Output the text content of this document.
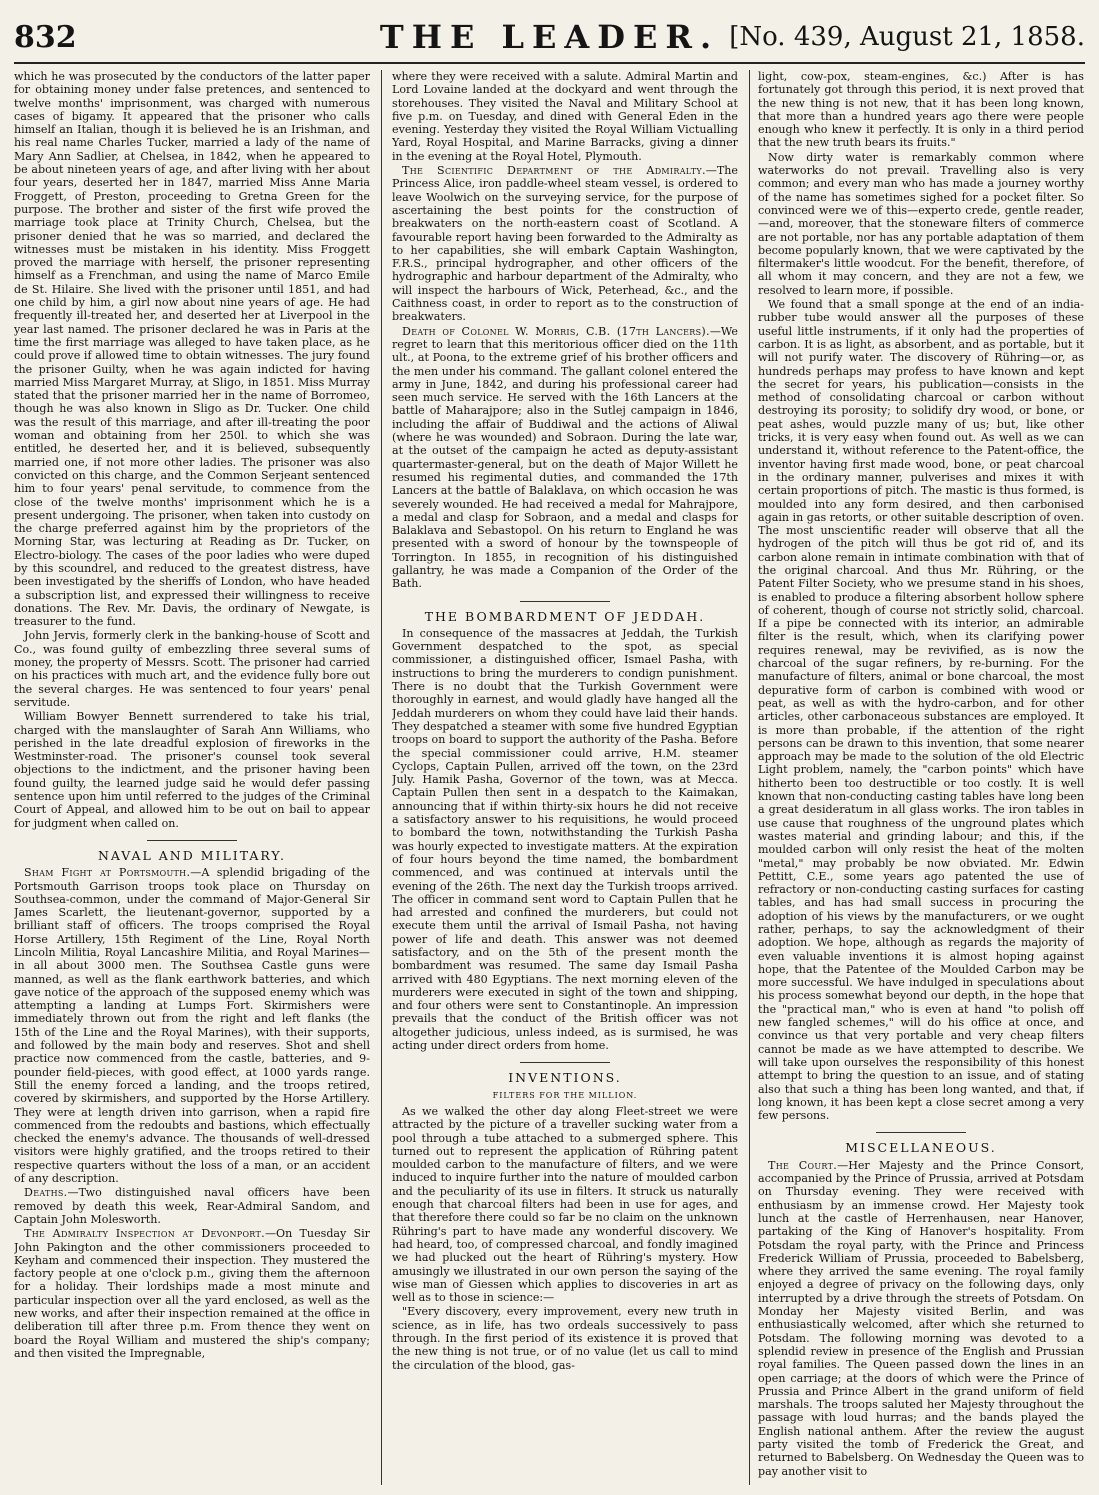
832	THE LEADER. [No. 439, August 21, 1858.

which he was prosecuted by the conductors of the latter paper for obtaining money under false pretences, and sentenced to twelve months' imprisonment, was charged with numerous cases of bigamy. It appeared that the prisoner who calls himself an Italian, though it is believed he is an Irishman, and his real name Charles Tucker, married a lady of the name of Mary Ann Sadlier, at Chelsea, in 1842, when he appeared to be about nineteen years of age, and after living with her about four years, deserted her in 1847, married Miss Anne Maria Froggett, of Preston, proceeding to Gretna Green for the purpose. The brother and sister of the first wife proved the marriage took place at Trinity Church, Chelsea, but the prisoner denied that he was so married, and declared the witnesses must be mistaken in his identity. Miss Froggett proved the marriage with herself, the prisoner representing himself as a Frenchman, and using the name of Marco Emile de St. Hilaire. She lived with the prisoner until 1851, and had one child by him, a girl now about nine years of age. He had frequently ill-treated her, and deserted her at Liverpool in the year last named. The prisoner declared he was in Paris at the time the first marriage was alleged to have taken place, as he could prove if allowed time to obtain witnesses. The jury found the prisoner Guilty, when he was again indicted for having married Miss Margaret Murray, at Sligo, in 1851. Miss Murray stated that the prisoner married her in the name of Borromeo, though he was also known in Sligo as Dr. Tucker. One child was the result of this marriage, and after ill-treating the poor woman and obtaining from her 250l. to which she was entitled, he deserted her, and it is believed, subsequently married one, if not more other ladies. The prisoner was also convicted on this charge, and the Common Serjeant sentenced him to four years' penal servitude, to commence from the close of the twelve months' imprisonment which he is a present undergoing. The prisoner, when taken into custody on the charge preferred against him by the proprietors of the Morning Star, was lecturing at Reading as Dr. Tucker, on Electro-biology. The cases of the poor ladies who were duped by this scoundrel, and reduced to the greatest distress, have been investigated by the sheriffs of London, who have headed a subscription list, and expressed their willingness to receive donations. The Rev. Mr. Davis, the ordinary of Newgate, is treasurer to the fund.

John Jervis, formerly clerk in the banking-house of Scott and Co., was found guilty of embezzling three several sums of money, the property of Messrs. Scott. The prisoner had carried on his practices with much art, and the evidence fully bore out the several charges. He was sentenced to four years' penal servitude.

William Bowyer Bennett surrendered to take his trial, charged with the manslaughter of Sarah Ann Williams, who perished in the late dreadful explosion of fireworks in the Westminster-road. The prisoner's counsel took several objections to the indictment, and the prisoner having been found guilty, the learned judge said he would defer passing sentence upon him until referred to the judges of the Criminal Court of Appeal, and allowed him to be out on bail to appear for judgment when called on.

NAVAL AND MILITARY.

Sham Fight at Portsmouth.—A splendid brigading of the Portsmouth Garrison troops took place on Thursday on Southsea-common, under the command of Major-General Sir James Scarlett, the lieutenant-governor, supported by a brilliant staff of officers. The troops comprised the Royal Horse Artillery, 15th Regiment of the Line, Royal North Lincoln Militia, Royal Lancashire Militia, and Royal Marines—in all about 3000 men. The Southsea Castle guns were manned, as well as the flank earthwork batteries, and which gave notice of the approach of the supposed enemy which was attempting a landing at Lumps Fort. Skirmishers were immediately thrown out from the right and left flanks (the 15th of the Line and the Royal Marines), with their supports, and followed by the main body and reserves. Shot and shell practice now commenced from the castle, batteries, and 9-pounder field-pieces, with good effect, at 1000 yards range. Still the enemy forced a landing, and the troops retired, covered by skirmishers, and supported by the Horse Artillery. They were at length driven into garrison, when a rapid fire commenced from the redoubts and bastions, which effectually checked the enemy's advance. The thousands of well-dressed visitors were highly gratified, and the troops retired to their respective quarters without the loss of a man, or an accident of any description.

Deaths.—Two distinguished naval officers have been removed by death this week, Rear-Admiral Sandom, and Captain John Molesworth.

The Admiralty Inspection at Devonport.—On Tuesday Sir John Pakington and the other commissioners proceeded to Keyham and commenced their inspection. They mustered the factory people at one o'clock p.m., giving them the afternoon for a holiday. Their lordships made a most minute and particular inspection over all the yard enclosed, as well as the new works, and after their inspection remained at the office in deliberation till after three p.m. From thence they went on board the Royal William and mustered the ship's company; and then visited the Impregnable,

where they were received with a salute. Admiral Martin and Lord Lovaine landed at the dockyard and went through the storehouses. They visited the Naval and Military School at five p.m. on Tuesday, and dined with General Eden in the evening. Yesterday they visited the Royal William Victualling Yard, Royal Hospital, and Marine Barracks, giving a dinner in the evening at the Royal Hotel, Plymouth.

The Scientific Department of the Admiralty.—The Princess Alice, iron paddle-wheel steam vessel, is ordered to leave Woolwich on the surveying service, for the purpose of ascertaining the best points for the construction of breakwaters on the north-eastern coast of Scotland. A favourable report having been forwarded to the Admiralty as to her capabilities, she will embark Captain Washington, F.R.S., principal hydrographer, and other officers of the hydrographic and harbour department of the Admiralty, who will inspect the harbours of Wick, Peterhead, &c., and the Caithness coast, in order to report as to the construction of breakwaters.

Death of Colonel W. Morris, C.B. (17th Lancers).—We regret to learn that this meritorious officer died on the 11th ult., at Poona, to the extreme grief of his brother officers and the men under his command. The gallant colonel entered the army in June, 1842, and during his professional career had seen much service. He served with the 16th Lancers at the battle of Maharajpore; also in the Sutlej campaign in 1846, including the affair of Buddiwal and the actions of Aliwal (where he was wounded) and Sobraon. During the late war, at the outset of the campaign he acted as deputy-assistant quartermaster-general, but on the death of Major Willett he resumed his regimental duties, and commanded the 17th Lancers at the battle of Balaklava, on which occasion he was severely wounded. He had received a medal for Mahrajpore, a medal and clasp for Sobraon, and a medal and clasps for Balaklava and Sebastopol. On his return to England he was presented with a sword of honour by the townspeople of Torrington. In 1855, in recognition of his distinguished gallantry, he was made a Companion of the Order of the Bath.

THE BOMBARDMENT OF JEDDAH.

In consequence of the massacres at Jeddah, the Turkish Government despatched to the spot, as special commissioner, a distinguished officer, Ismael Pasha, with instructions to bring the murderers to condign punishment. There is no doubt that the Turkish Government were thoroughly in earnest, and would gladly have hanged all the Jeddah murderers on whom they could have laid their hands. They despatched a steamer with some five hundred Egyptian troops on board to support the authority of the Pasha. Before the special commissioner could arrive, H.M. steamer Cyclops, Captain Pullen, arrived off the town, on the 23rd July. Hamik Pasha, Governor of the town, was at Mecca. Captain Pullen then sent in a despatch to the Kaimakan, announcing that if within thirty-six hours he did not receive a satisfactory answer to his requisitions, he would proceed to bombard the town, notwithstanding the Turkish Pasha was hourly expected to investigate matters. At the expiration of four hours beyond the time named, the bombardment commenced, and was continued at intervals until the evening of the 26th. The next day the Turkish troops arrived. The officer in command sent word to Captain Pullen that he had arrested and confined the murderers, but could not execute them until the arrival of Ismail Pasha, not having power of life and death. This answer was not deemed satisfactory, and on the 5th of the present month the bombardment was resumed. The same day Ismail Pasha arrived with 480 Egyptians. The next morning eleven of the murderers were executed in sight of the town and shipping, and four others were sent to Constantinople. An impression prevails that the conduct of the British officer was not altogether judicious, unless indeed, as is surmised, he was acting under direct orders from home.

INVENTIONS.
FILTERS FOR THE MILLION.

As we walked the other day along Fleet-street we were attracted by the picture of a traveller sucking water from a pool through a tube attached to a submerged sphere. This turned out to represent the application of Rühring patent moulded carbon to the manufacture of filters, and we were induced to inquire further into the nature of moulded carbon and the peculiarity of its use in filters. It struck us naturally enough that charcoal filters had been in use for ages, and that therefore there could so far be no claim on the unknown Rühring's part to have made any wonderful discovery. We had heard, too, of compressed charcoal, and fondly imagined we had plucked out the heart of Rühring's mystery. How amusingly we illustrated in our own person the saying of the wise man of Giessen which applies to discoveries in art as well as to those in science:—

"Every discovery, every improvement, every new truth in science, as in life, has two ordeals successively to pass through. In the first period of its existence it is proved that the new thing is not true, or of no value (let us call to mind the circulation of the blood, gas-

light, cow-pox, steam-engines, &c.) After is has fortunately got through this period, it is next proved that the new thing is not new, that it has been long known, that more than a hundred years ago there were people enough who knew it perfectly. It is only in a third period that the new truth bears its fruits."

Now dirty water is remarkably common where waterworks do not prevail. Travelling also is very common; and every man who has made a journey worthy of the name has sometimes sighed for a pocket filter. So convinced were we of this—experto crede, gentle reader,—and, moreover, that the stoneware filters of commerce are not portable, nor has any portable adaptation of them become popularly known, that we were captivated by the filtermaker's little woodcut. For the benefit, therefore, of all whom it may concern, and they are not a few, we resolved to learn more, if possible.

We found that a small sponge at the end of an india-rubber tube would answer all the purposes of these useful little instruments, if it only had the properties of carbon. It is as light, as absorbent, and as portable, but it will not purify water. The discovery of Rühring—or, as hundreds perhaps may profess to have known and kept the secret for years, his publication—consists in the method of consolidating charcoal or carbon without destroying its porosity; to solidify dry wood, or bone, or peat ashes, would puzzle many of us; but, like other tricks, it is very easy when found out. As well as we can understand it, without reference to the Patent-office, the inventor having first made wood, bone, or peat charcoal in the ordinary manner, pulverises and mixes it with certain proportions of pitch. The mastic is thus formed, is moulded into any form desired, and then carbonised again in gas retorts, or other suitable description of oven. The most unscientific reader will observe that all the hydrogen of the pitch will thus be got rid of, and its carbon alone remain in intimate combination with that of the original charcoal. And thus Mr. Rühring, or the Patent Filter Society, who we presume stand in his shoes, is enabled to produce a filtering absorbent hollow sphere of coherent, though of course not strictly solid, charcoal. If a pipe be connected with its interior, an admirable filter is the result, which, when its clarifying power requires renewal, may be revivified, as is now the charcoal of the sugar refiners, by re-burning. For the manufacture of filters, animal or bone charcoal, the most depurative form of carbon is combined with wood or peat, as well as with the hydro-carbon, and for other articles, other carbonaceous substances are employed. It is more than probable, if the attention of the right persons can be drawn to this invention, that some nearer approach may be made to the solution of the old Electric Light problem, namely, the "carbon points" which have hitherto been too destructible or too costly. It is well known that non-conducting casting tables have long been a great desideratum in all glass works. The iron tables in use cause that roughness of the unground plates which wastes material and grinding labour; and this, if the moulded carbon will only resist the heat of the molten "metal," may probably be now obviated. Mr. Edwin Pettitt, C.E., some years ago patented the use of refractory or non-conducting casting surfaces for casting tables, and has had small success in procuring the adoption of his views by the manufacturers, or we ought rather, perhaps, to say the acknowledgment of their adoption. We hope, although as regards the majority of even valuable inventions it is almost hoping against hope, that the Patentee of the Moulded Carbon may be more successful. We have indulged in speculations about his process somewhat beyond our depth, in the hope that the "practical man," who is even at hand "to polish off new fangled schemes," will do his office at once, and convince us that very portable and very cheap filters cannot be made as we have attempted to describe. We will take upon ourselves the responsibility of this honest attempt to bring the question to an issue, and of stating also that such a thing has been long wanted, and that, if long known, it has been kept a close secret among a very few persons.

MISCELLANEOUS.

The Court.—Her Majesty and the Prince Consort, accompanied by the Prince of Prussia, arrived at Potsdam on Thursday evening. They were received with enthusiasm by an immense crowd. Her Majesty took lunch at the castle of Herrenhausen, near Hanover, partaking of the King of Hanover's hospitality. From Potsdam the royal party, with the Prince and Princess Frederick William of Prussia, proceeded to Babelsberg, where they arrived the same evening. The royal family enjoyed a degree of privacy on the following days, only interrupted by a drive through the streets of Potsdam. On Monday her Majesty visited Berlin, and was enthusiastically welcomed, after which she returned to Potsdam. The following morning was devoted to a splendid review in presence of the English and Prussian royal families. The Queen passed down the lines in an open carriage; at the doors of which were the Prince of Prussia and Prince Albert in the grand uniform of field marshals. The troops saluted her Majesty throughout the passage with loud hurras; and the bands played the English national anthem. After the review the august party visited the tomb of Frederick the Great, and returned to Babelsberg. On Wednesday the Queen was to pay another visit to
